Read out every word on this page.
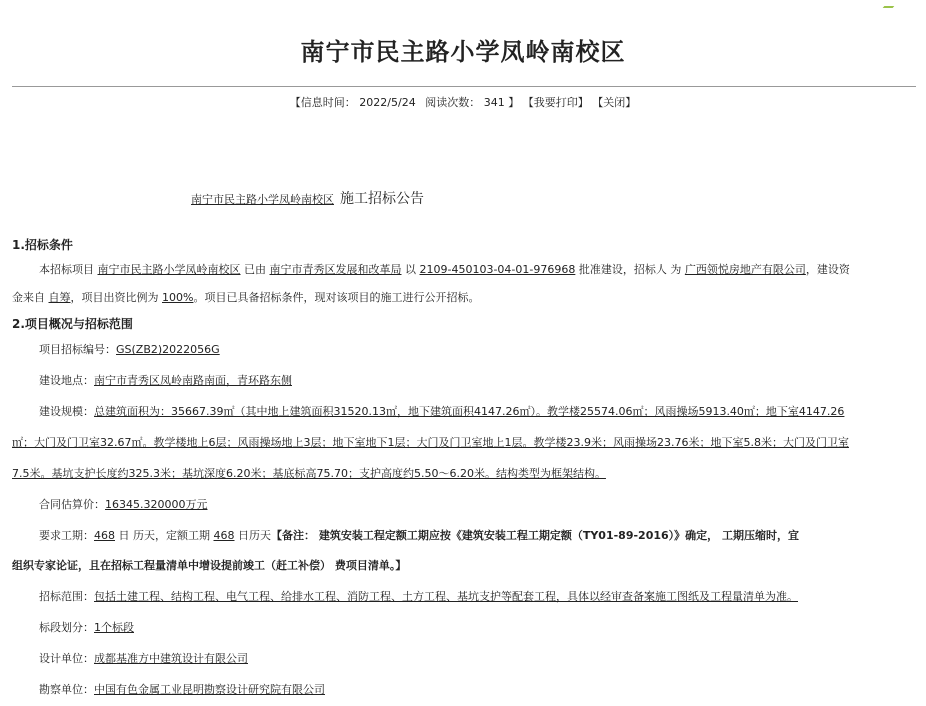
南宁市民主路小学凤岭南校区
【信息时间： 2022/5/24 阅读次数： 341 】 【我要打印】 【关闭】
南宁市民主路小学凤岭南校区 施工招标公告
1.招标条件
本招标项目 南宁市民主路小学凤岭南校区 已由 南宁市青秀区发展和改革局 以 2109-450103-04-01-976968 批准建设，招标人 为 广西领悦房地产有限公司，建设资
金来自 自筹，项目出资比例为 100%。项目已具备招标条件，现对该项目的施工进行公开招标。
2.项目概况与招标范围
项目招标编号：GS(ZB2)2022056G
建设地点：南宁市青秀区凤岭南路南面，青环路东侧
建设规模：总建筑面积为：35667.39㎡（其中地上建筑面积31520.13㎡，地下建筑面积4147.26㎡）。教学楼25574.06㎡；风雨操场5913.40㎡；地下室4147.26
㎡；大门及门卫室32.67㎡。教学楼地上6层；风雨操场地上3层；地下室地下1层；大门及门卫室地上1层。教学楼23.9米；风雨操场23.76米；地下室5.8米；大门及门卫室
7.5米。基坑支护长度约325.3米；基坑深度6.20米；基底标高75.70；支护高度约5.50～6.20米。结构类型为框架结构。
合同估算价：16345.320000万元
要求工期：468 日 历天，定额工期 468 日历天【备注： 建筑安装工程定额工期应按《建筑安装工程工期定额（TY01-89-2016）》确定， 工期压缩时，宜
组织专家论证，且在招标工程量清单中增设提前竣工（赶工补偿） 费项目清单。】
招标范围：包括土建工程、结构工程、电气工程、给排水工程、消防工程、土方工程、基坑支护等配套工程，具体以经审查备案施工图纸及工程量清单为准。
标段划分：1个标段
设计单位：成都基准方中建筑设计有限公司
勘察单位：中国有色金属工业昆明勘察设计研究院有限公司
